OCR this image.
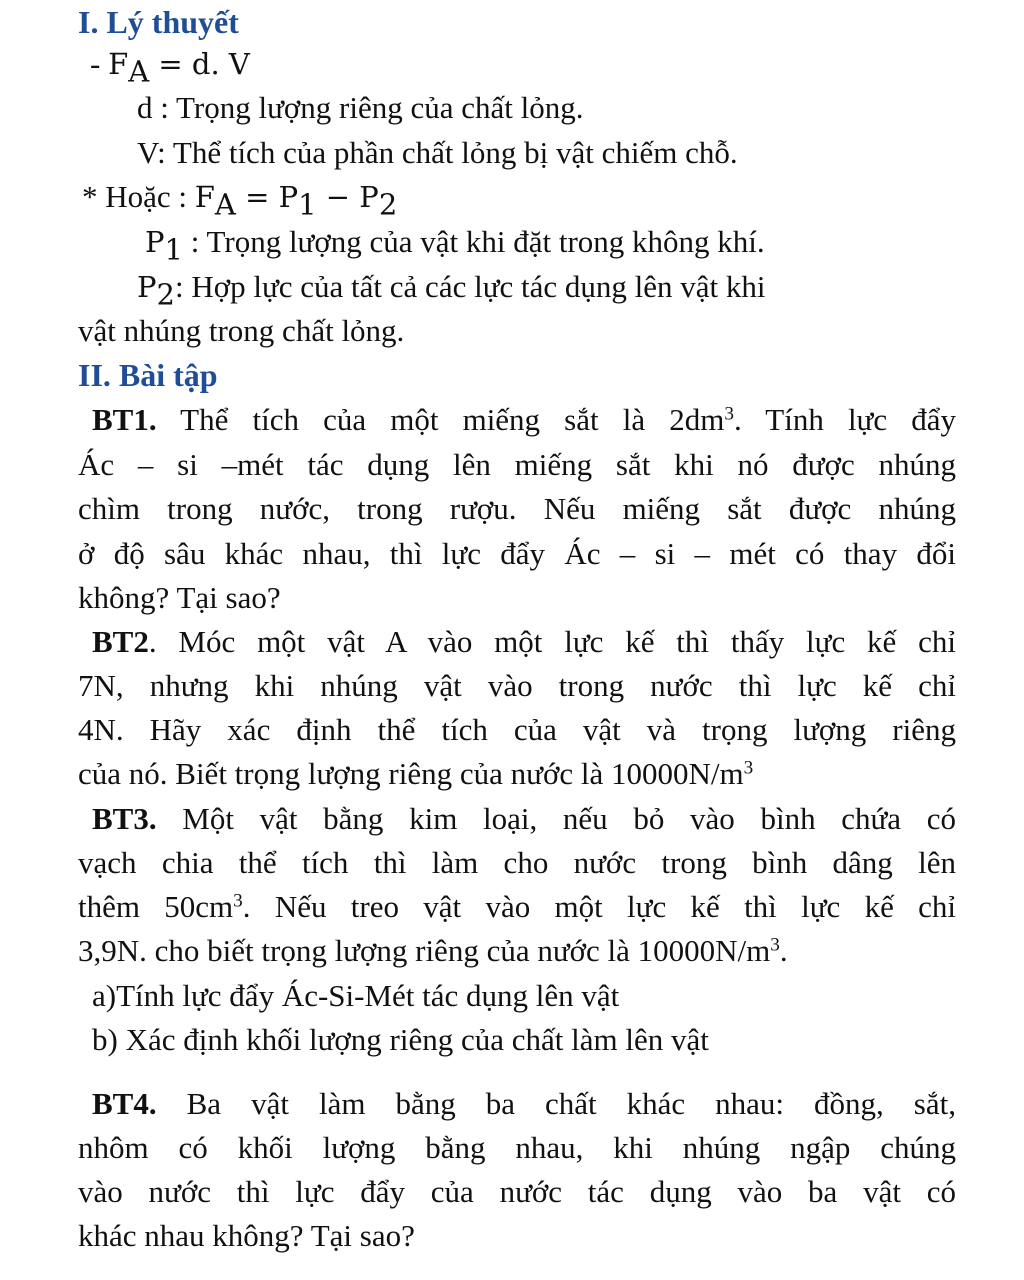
I. Lý thuyết
- $F_A = d$. V
d : Trọng lượng riêng của chất lỏng.
V: Thể tích của phần chất lỏng bị vật chiếm chỗ.
* Hoặc : $F_A = P_1 - P_2$
$P_1$ : Trọng lượng của vật khi đặt trong không khí.
$P_2$: Hợp lực của tất cả các lực tác dụng lên vật khi
vật nhúng trong chất lỏng.
II. Bài tập
BT1. Thể tích của một miếng sắt là $2dm^3$. Tính lực đẩy
Ác – si –mét tác dụng lên miếng sắt khi nó được nhúng
chìm trong nước, trong rượu. Nếu miếng sắt được nhúng
ở độ sâu khác nhau, thì lực đẩy Ác – si – mét có thay đổi
không? Tại sao?
BT2. Móc một vật A vào một lực kế thì thấy lực kế chỉ
7N, nhưng khi nhúng vật vào trong nước thì lực kế chỉ
4N. Hãy xác định thể tích của vật và trọng lượng riêng
của nó. Biết trọng lượng riêng của nước là $10000N/m^3$
BT3. Một vật bằng kim loại, nếu bỏ vào bình chứa có
vạch chia thể tích thì làm cho nước trong bình dâng lên
thêm $50cm^3$. Nếu treo vật vào một lực kế thì lực kế chỉ
3,9N. cho biết trọng lượng riêng của nước là $10000N/m^3$.
a)Tính lực đẩy Ác-Si-Mét tác dụng lên vật
b) Xác định khối lượng riêng của chất làm lên vật
BT4. Ba vật làm bằng ba chất khác nhau: đồng, sắt,
nhôm có khối lượng bằng nhau, khi nhúng ngập chúng
vào nước thì lực đẩy của nước tác dụng vào ba vật có
khác nhau không? Tại sao?
